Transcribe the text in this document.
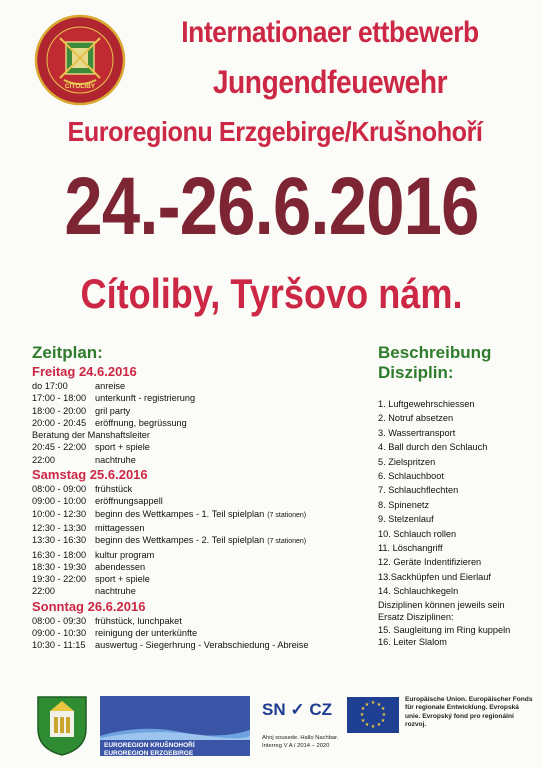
CÍTOLIBY
Internationaer ettbewerb
Jungendfeuewehr
Euroregionu Erzgebirge/Krušnohoří
24.-26.6.2016
Cítoliby, Tyršovo nám.
Zeitplan:
Freitag 24.6.2016
do 17:00	anreise
17:00 - 18:00 unterkunft - registrierung
18:00 - 20:00 gril party
20:00 - 20:45 eröffnung, begrüssung
Beratung der Manshaftsleiter
20:45 - 22:00 sport + spiele
22:00	nachtruhe
Samstag 25.6.2016
08:00 - 09:00 frühstück
09:00 - 10:00 eröffnungsappell
10:00 - 12:30 beginn des Wettkampes - 1. Teil spielplan (7 stationen)
12:30 - 13:30 mittagessen
13:30 - 16:30 beginn des Wettkampes - 2. Teil spielplan (7 stationen)
16:30 - 18:00 kultur program
18:30 - 19:30 abendessen
19:30 - 22:00 sport + spiele
22:00	nachtruhe
Sonntag 26.6.2016
08:00 - 09:30 frühstück, lunchpaket
09:00 - 10:30 reinigung der unterkünfte
10:30 - 11:15	auswertug - Siegerhrung - Verabschiedung - Abreise
Beschreibung
Disziplin:
1. Luftgewehrschiessen
2. Notruf absetzen
3. Wassertransport
4. Ball durch den Schlauch
5. Zielspritzen
6. Schlauchboot
7. Schlauchflechten
8. Spinenetz
9. Stelzenlauf
10. Schlauch rollen
11. Löschangriff
12. Geräte Indentifizieren
13.Sackhüpfen und Eierlauf
14. Schlauchkegeln
Disziplinen können jeweils sein
Ersatz Disziplinen:
15. Saugleitung im Ring kuppeln
16. Leiter Slalom
EUROREGION KRUŠNOHOŘÍ
EUROREGION ERZGEBIRGE
SN ✓ CZ
Ahoj sousede. Hallo Nachbar.
Interreg V A / 2014 – 2020
★ ★
★
★
★
★
★
★
★
★
★
★
Europäische Union. Europäischer Fonds für regionale Entwicklung. Evropská unie. Evropský fond pro regionální rozvoj.
